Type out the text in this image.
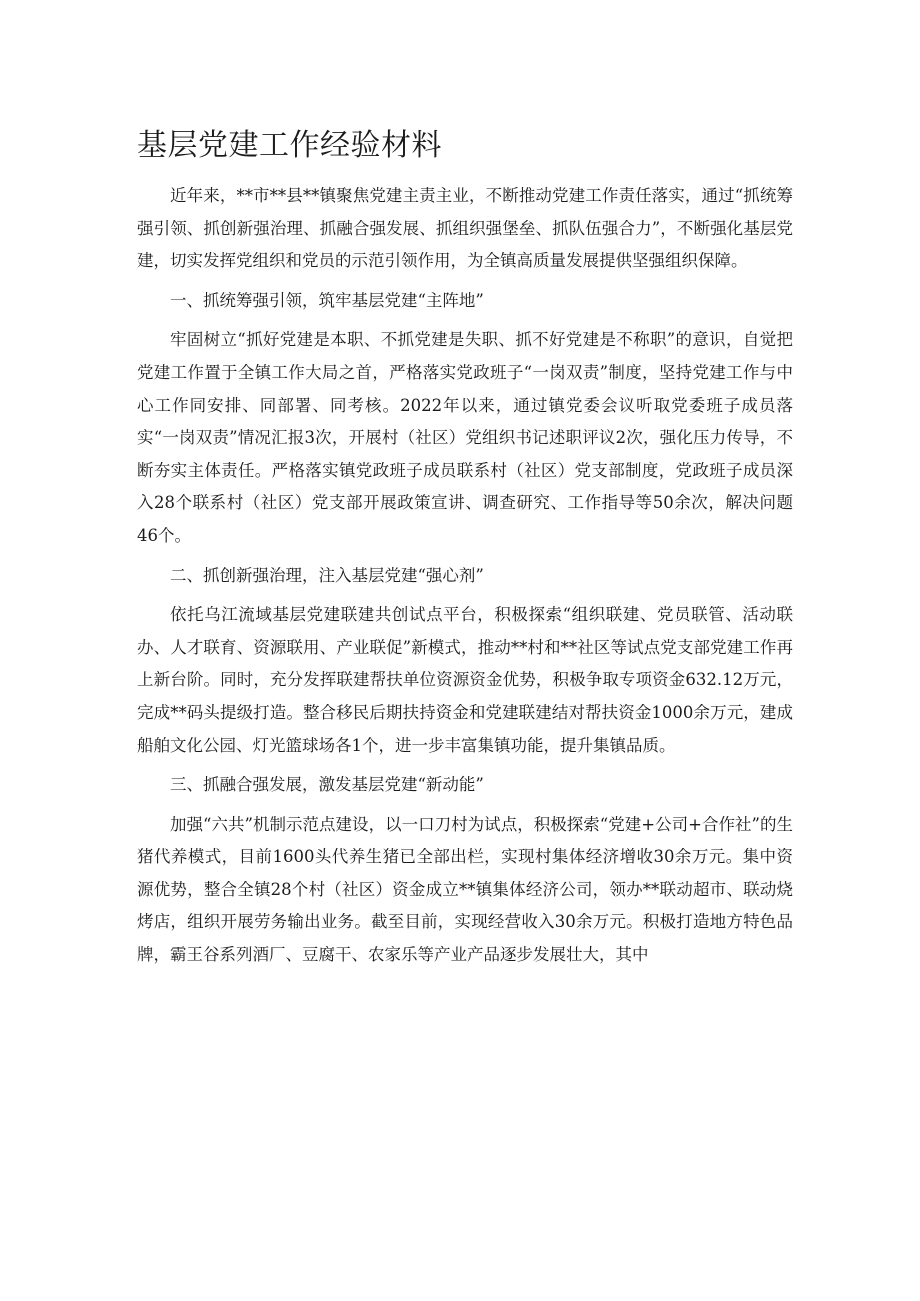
基层党建工作经验材料

近年来，**市**县**镇聚焦党建主责主业，不断推动党建工作责任落实，通过“抓统筹强引领、抓创新强治理、抓融合强发展、抓组织强堡垒、抓队伍强合力”，不断强化基层党建，切实发挥党组织和党员的示范引领作用，为全镇高质量发展提供坚强组织保障。

一、抓统筹强引领，筑牢基层党建“主阵地”

牢固树立“抓好党建是本职、不抓党建是失职、抓不好党建是不称职”的意识，自觉把党建工作置于全镇工作大局之首，严格落实党政班子“一岗双责”制度，坚持党建工作与中心工作同安排、同部署、同考核。2022年以来，通过镇党委会议听取党委班子成员落实“一岗双责”情况汇报3次，开展村（社区）党组织书记述职评议2次，强化压力传导，不断夯实主体责任。严格落实镇党政班子成员联系村（社区）党支部制度，党政班子成员深入28个联系村（社区）党支部开展政策宣讲、调查研究、工作指导等50余次，解决问题46个。

二、抓创新强治理，注入基层党建“强心剂”

依托乌江流域基层党建联建共创试点平台，积极探索“组织联建、党员联管、活动联办、人才联育、资源联用、产业联促”新模式，推动**村和**社区等试点党支部党建工作再上新台阶。同时，充分发挥联建帮扶单位资源资金优势，积极争取专项资金632.12万元，完成**码头提级打造。整合移民后期扶持资金和党建联建结对帮扶资金1000余万元，建成船舶文化公园、灯光篮球场各1个，进一步丰富集镇功能，提升集镇品质。

三、抓融合强发展，激发基层党建“新动能”

加强“六共”机制示范点建设，以一口刀村为试点，积极探索“党建+公司+合作社”的生猪代养模式，目前1600头代养生猪已全部出栏，实现村集体经济增收30余万元。集中资源优势，整合全镇28个村（社区）资金成立**镇集体经济公司，领办**联动超市、联动烧烤店，组织开展劳务输出业务。截至目前，实现经营收入30余万元。积极打造地方特色品牌，霸王谷系列酒厂、豆腐干、农家乐等产业产品逐步发展壮大，其中
